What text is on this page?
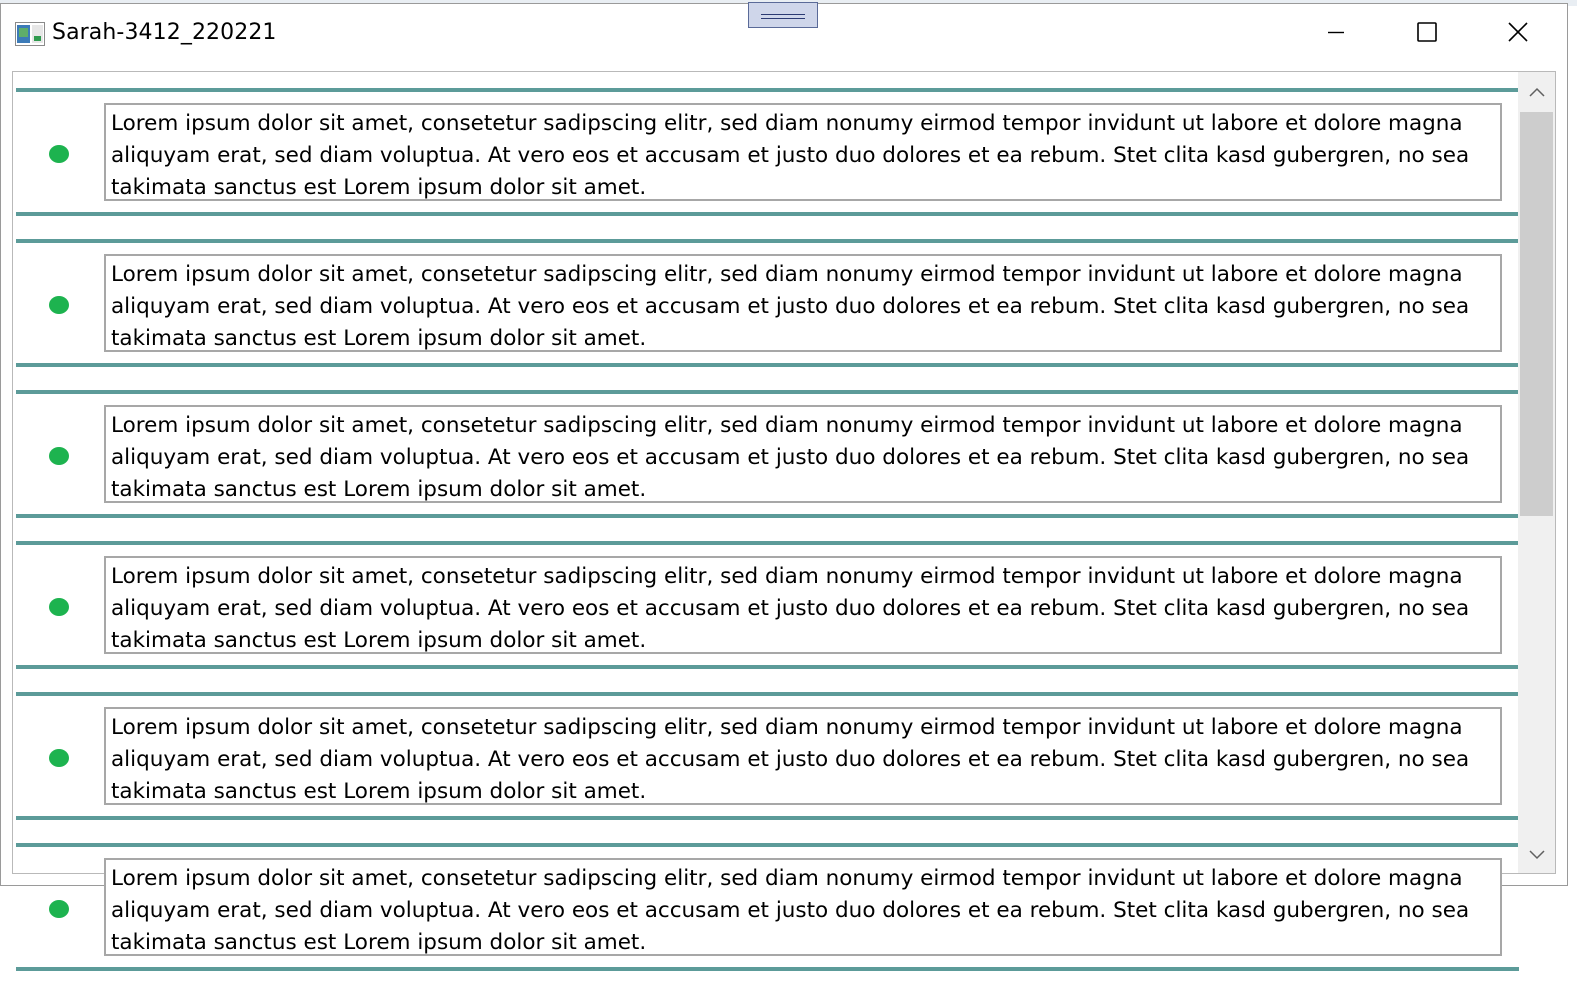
Sarah-3412_220221
Lorem ipsum dolor sit amet, consetetur sadipscing elitr, sed diam nonumy eirmod tempor invidunt ut labore et dolore magna aliquyam erat, sed diam voluptua. At vero eos et accusam et justo duo dolores et ea rebum. Stet clita kasd gubergren, no sea takimata sanctus est Lorem ipsum dolor sit amet.
Lorem ipsum dolor sit amet, consetetur sadipscing elitr, sed diam nonumy eirmod tempor invidunt ut labore et dolore magna aliquyam erat, sed diam voluptua. At vero eos et accusam et justo duo dolores et ea rebum. Stet clita kasd gubergren, no sea takimata sanctus est Lorem ipsum dolor sit amet.
Lorem ipsum dolor sit amet, consetetur sadipscing elitr, sed diam nonumy eirmod tempor invidunt ut labore et dolore magna aliquyam erat, sed diam voluptua. At vero eos et accusam et justo duo dolores et ea rebum. Stet clita kasd gubergren, no sea takimata sanctus est Lorem ipsum dolor sit amet.
Lorem ipsum dolor sit amet, consetetur sadipscing elitr, sed diam nonumy eirmod tempor invidunt ut labore et dolore magna aliquyam erat, sed diam voluptua. At vero eos et accusam et justo duo dolores et ea rebum. Stet clita kasd gubergren, no sea takimata sanctus est Lorem ipsum dolor sit amet.
Lorem ipsum dolor sit amet, consetetur sadipscing elitr, sed diam nonumy eirmod tempor invidunt ut labore et dolore magna aliquyam erat, sed diam voluptua. At vero eos et accusam et justo duo dolores et ea rebum. Stet clita kasd gubergren, no sea takimata sanctus est Lorem ipsum dolor sit amet.
Lorem ipsum dolor sit amet, consetetur sadipscing elitr, sed diam nonumy eirmod tempor invidunt ut labore et dolore magna aliquyam erat, sed diam voluptua. At vero eos et accusam et justo duo dolores et ea rebum. Stet clita kasd gubergren, no sea takimata sanctus est Lorem ipsum dolor sit amet.
